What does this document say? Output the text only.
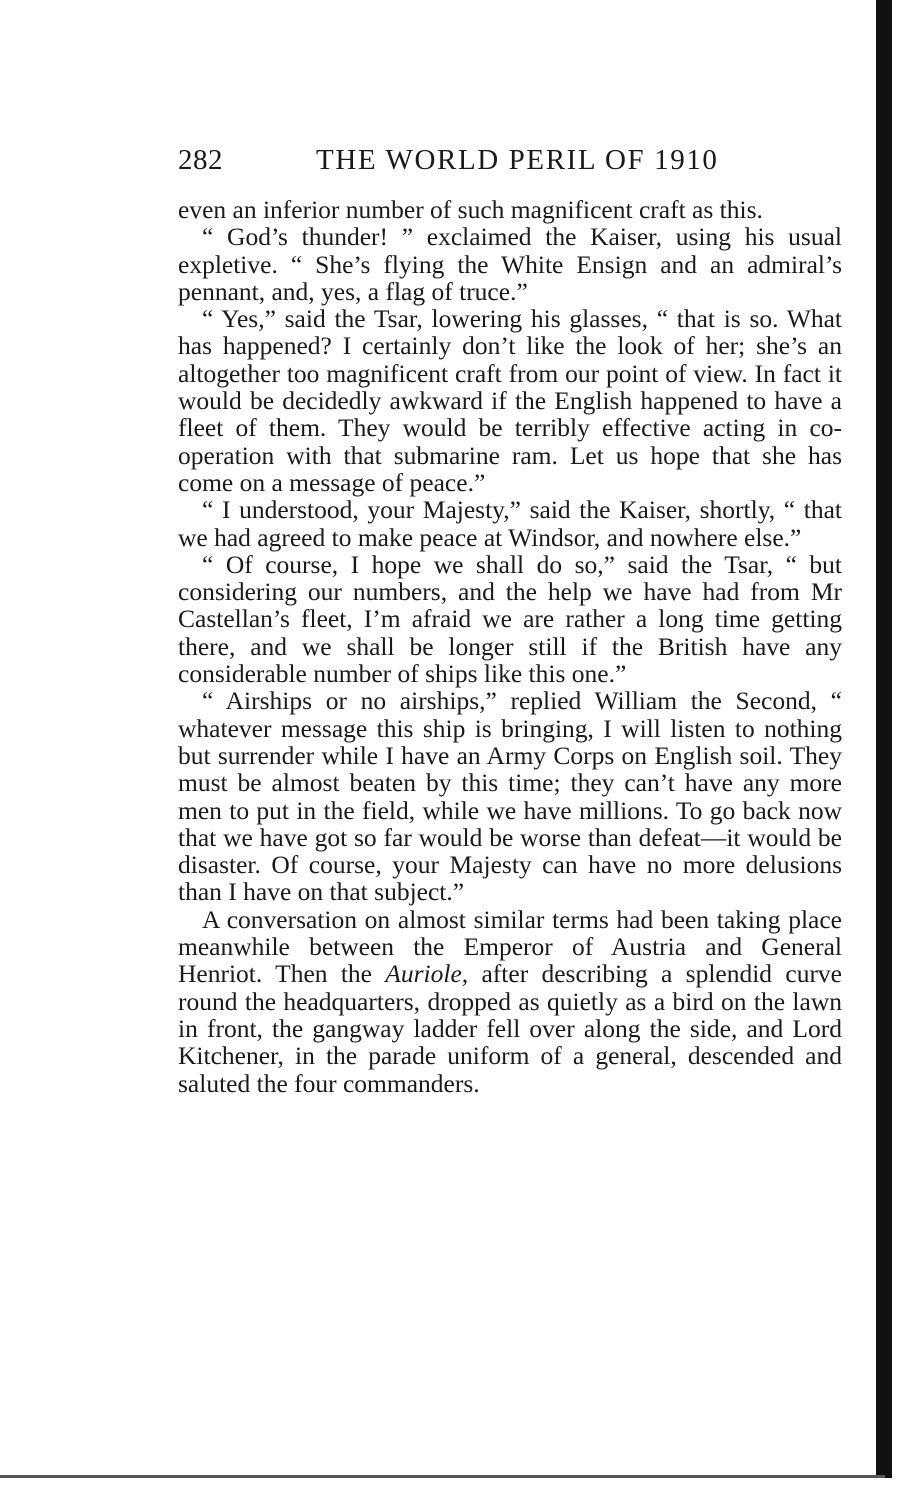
282	THE WORLD PERIL OF 1910

even an inferior number of such magnificent craft as this.

“ God’s thunder! ” exclaimed the Kaiser, using his usual expletive. “ She’s flying the White Ensign and an admiral’s pennant, and, yes, a flag of truce.”

“ Yes,” said the Tsar, lowering his glasses, “ that is so. What has happened? I certainly don’t like the look of her; she’s an altogether too magnificent craft from our point of view. In fact it would be decidedly awkward if the English happened to have a fleet of them. They would be terribly effective acting in co-operation with that submarine ram. Let us hope that she has come on a message of peace.”

“ I understood, your Majesty,” said the Kaiser, shortly, “ that we had agreed to make peace at Windsor, and nowhere else.”

“ Of course, I hope we shall do so,” said the Tsar, “ but considering our numbers, and the help we have had from Mr Castellan’s fleet, I’m afraid we are rather a long time getting there, and we shall be longer still if the British have any considerable number of ships like this one.”

“ Airships or no airships,” replied William the Second, “ whatever message this ship is bringing, I will listen to nothing but surrender while I have an Army Corps on English soil. They must be almost beaten by this time; they can’t have any more men to put in the field, while we have millions. To go back now that we have got so far would be worse than defeat—it would be disaster. Of course, your Majesty can have no more delusions than I have on that subject.”

A conversation on almost similar terms had been taking place meanwhile between the Emperor of Austria and General Henriot. Then the Auriole, after describing a splendid curve round the headquarters, dropped as quietly as a bird on the lawn in front, the gangway ladder fell over along the side, and Lord Kitchener, in the parade uniform of a general, descended and saluted the four commanders.
